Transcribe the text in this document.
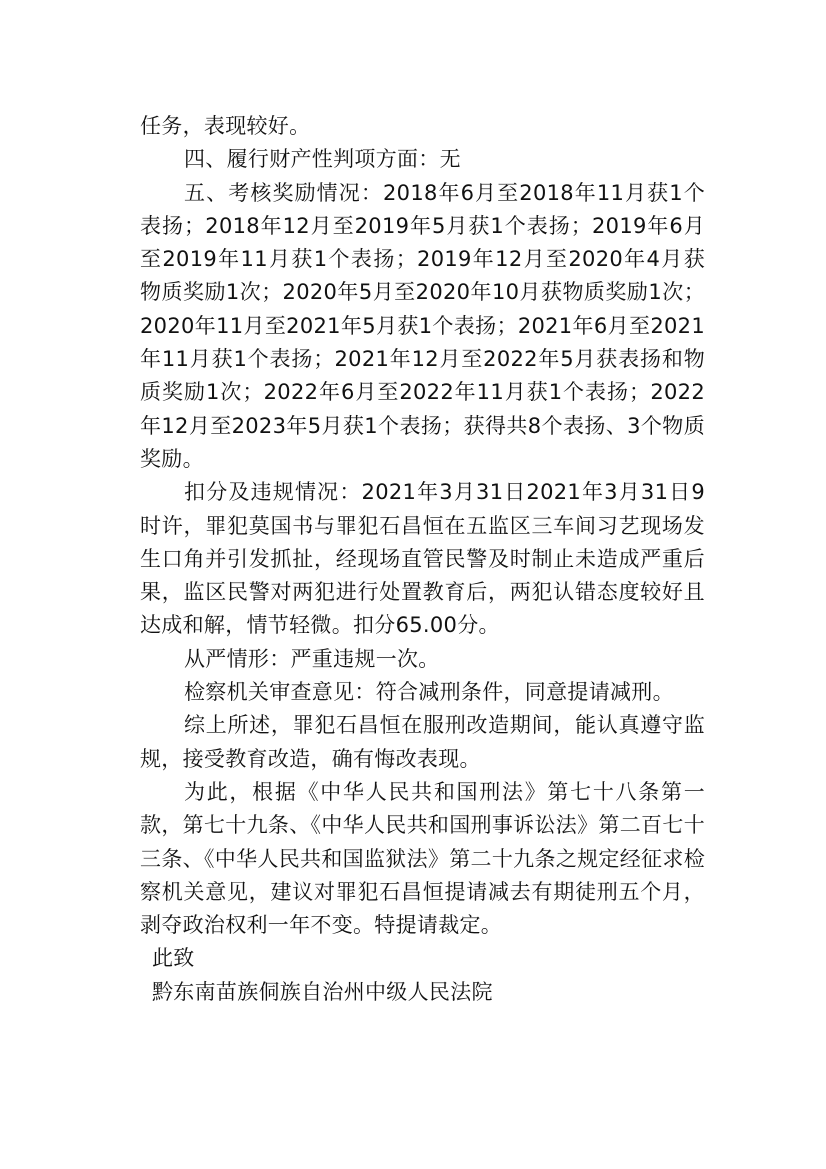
任务，表现较好。

四、履行财产性判项方面：无

五、考核奖励情况：2018年6月至2018年11月获1个表扬；2018年12月至2019年5月获1个表扬；2019年6月至2019年11月获1个表扬；2019年12月至2020年4月获物质奖励1次；2020年5月至2020年10月获物质奖励1次；2020年11月至2021年5月获1个表扬；2021年6月至2021年11月获1个表扬；2021年12月至2022年5月获表扬和物质奖励1次；2022年6月至2022年11月获1个表扬；2022年12月至2023年5月获1个表扬；获得共8个表扬、3个物质奖励。

扣分及违规情况：2021年3月31日2021年3月31日9时许，罪犯莫国书与罪犯石昌恒在五监区三车间习艺现场发生口角并引发抓扯，经现场直管民警及时制止未造成严重后果，监区民警对两犯进行处置教育后，两犯认错态度较好且达成和解，情节轻微。扣分65.00分。

从严情形：严重违规一次。

检察机关审查意见：符合减刑条件，同意提请减刑。

综上所述，罪犯石昌恒在服刑改造期间，能认真遵守监规，接受教育改造，确有悔改表现。

为此，根据《中华人民共和国刑法》第七十八条第一款，第七十九条、《中华人民共和国刑事诉讼法》第二百七十三条、《中华人民共和国监狱法》第二十九条之规定经征求检察机关意见，建议对罪犯石昌恒提请减去有期徒刑五个月，剥夺政治权利一年不变。特提请裁定。

此致

黔东南苗族侗族自治州中级人民法院
